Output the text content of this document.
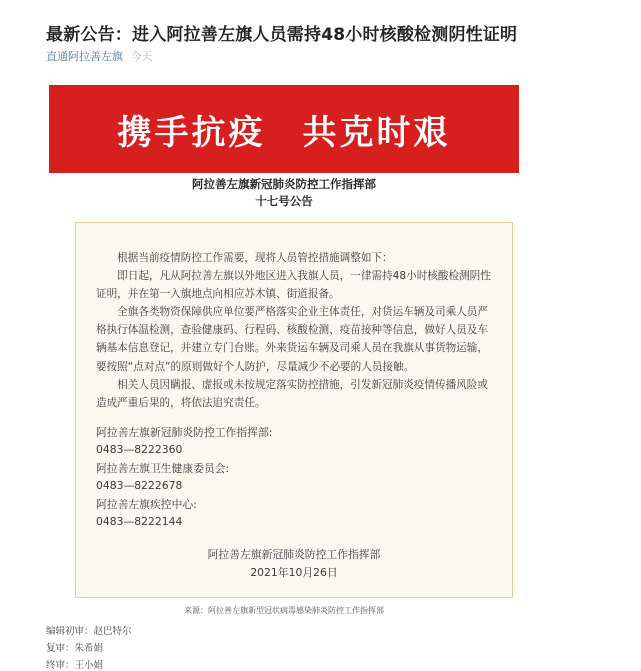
最新公告：进入阿拉善左旗人员需持48小时核酸检测阴性证明
直通阿拉善左旗 今天
携手抗疫　共克时艰
阿拉善左旗新冠肺炎防控工作指挥部
十七号公告
　　根据当前疫情防控工作需要，现将人员管控措施调整如下：
　　即日起，凡从阿拉善左旗以外地区进入我旗人员，一律需持48小时核酸检测阴性证明，并在第一入旗地点向相应苏木镇、街道报备。
　　全旗各类物资保障供应单位要严格落实企业主体责任，对货运车辆及司乘人员严格执行体温检测，查验健康码、行程码、核酸检测、疫苗接种等信息，做好人员及车辆基本信息登记，并建立专门台账。外来货运车辆及司乘人员在我旗从事货物运输，要按照“点对点”的原则做好个人防护，尽量减少不必要的人员接触。
　　相关人员因瞒报、虚报或未按规定落实防控措施，引发新冠肺炎疫情传播风险或造成严重后果的，将依法追究责任。
阿拉善左旗新冠肺炎防控工作指挥部:
0483—8222360
阿拉善左旗卫生健康委员会:
0483—8222678
阿拉善左旗疾控中心:
0483—8222144
阿拉善左旗新冠肺炎防控工作指挥部
2021年10月26日
来源：阿拉善左旗新型冠状病毒感染肺炎防控工作指挥部
编辑初审：赵巴特尔
复审：朱希娟
终审：王小娟
